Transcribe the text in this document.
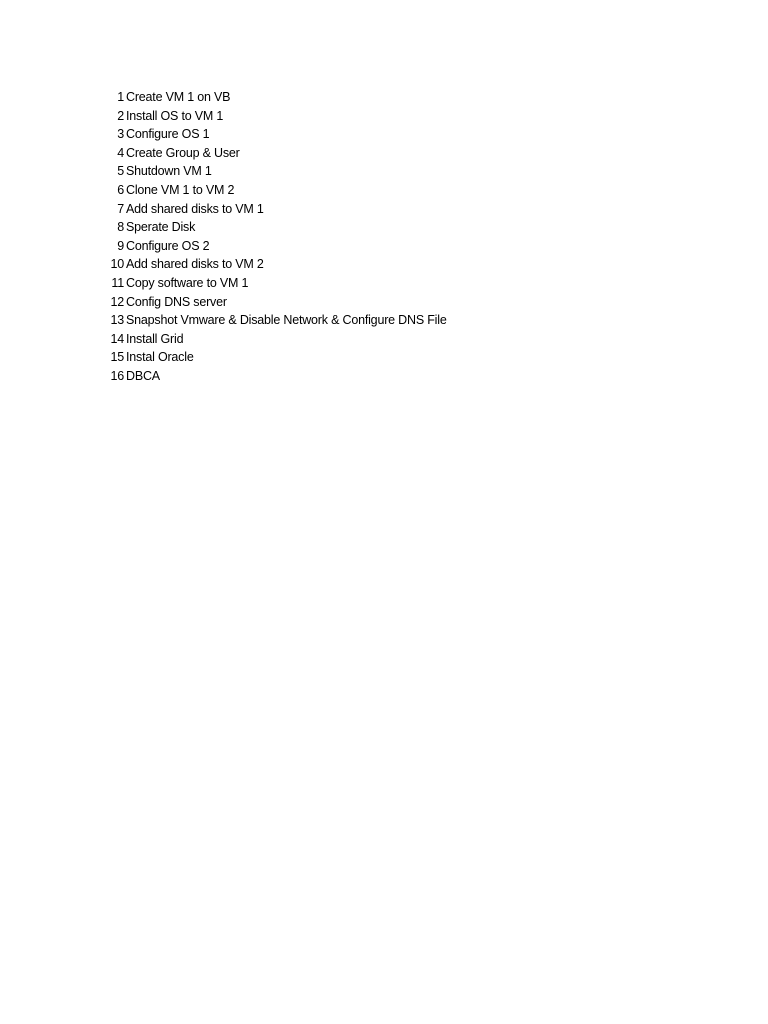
1 Create VM 1 on VB
2 Install OS to VM 1
3 Configure OS 1
4 Create Group & User
5 Shutdown VM 1
6 Clone VM 1 to VM 2
7 Add shared disks to VM 1
8 Sperate Disk
9 Configure OS 2
10 Add shared disks to VM 2
11 Copy software to VM 1
12 Config DNS server
13 Snapshot Vmware & Disable Network & Configure DNS File
14 Install Grid
15 Instal Oracle
16 DBCA
